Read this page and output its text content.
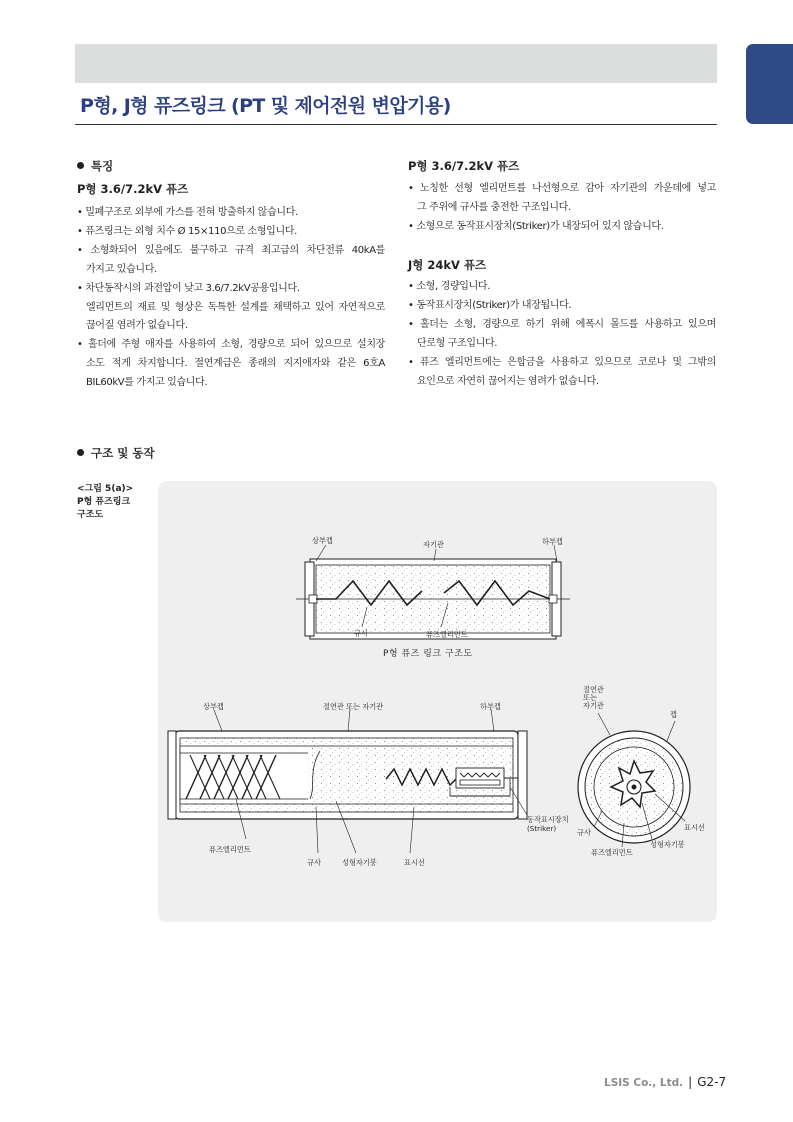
P형, J형 퓨즈링크 (PT 및 제어전원 변압기용)
특징
P형 3.6/7.2kV 퓨즈
• 밀폐구조로 외부에 가스를 전혀 방출하지 않습니다.
• 퓨즈링크는 외형 치수 Ø 15×110으로 소형입니다.
• 소형화되어 있음에도 불구하고 규격 최고급의 차단전류 40kA를
가지고 있습니다.
• 차단동작시의 과전압이 낮고 3.6/7.2kV공용입니다.
엘리먼트의 재료 및 형상은 독특한 설계를 채택하고 있어 자연적으로
끊어질 염려가 없습니다.
• 홀더에 주형 애자를 사용하여 소형, 경량으로 되어 있으므로 설치장
소도 적게 차지합니다. 절연계급은 종래의 지지애자와 같은 6호A
BIL60kV를 가지고 있습니다.
P형 3.6/7.2kV 퓨즈
• 노칭한 선형 엘리먼트를 나선형으로 감아 자기관의 가운데에 넣고
그 주위에 규사를 충전한 구조입니다.
• 소형으로 동작표시장치(Striker)가 내장되어 있지 않습니다.
J형 24kV 퓨즈
• 소형, 경량입니다.
• 동작표시장치(Striker)가 내장됩니다.
• 홀더는 소형, 경량으로 하기 위해 에폭시 몰드를 사용하고 있으며
단로형 구조입니다.
• 퓨즈 엘리먼트에는 은합금을 사용하고 있으므로 코로나 및 그밖의
요인으로 자연히 끊어지는 염려가 없습니다.
구조 및 동작
<그림 5(a)>
P형 퓨즈링크
구조도
상부캡	자기관	하부캡
규사	퓨즈엘리먼트
P형 퓨즈 링크 구조도
상부캡	절연관 또는 자기관	하부캡
동작표시장치
(Striker)
퓨즈엘리먼트
규사	성형자기봉	표시선
절연관
또는
자기관
캡
표시선
규사
성형자기봉
퓨즈엘리먼트
LSIS Co., Ltd. | G2-7
